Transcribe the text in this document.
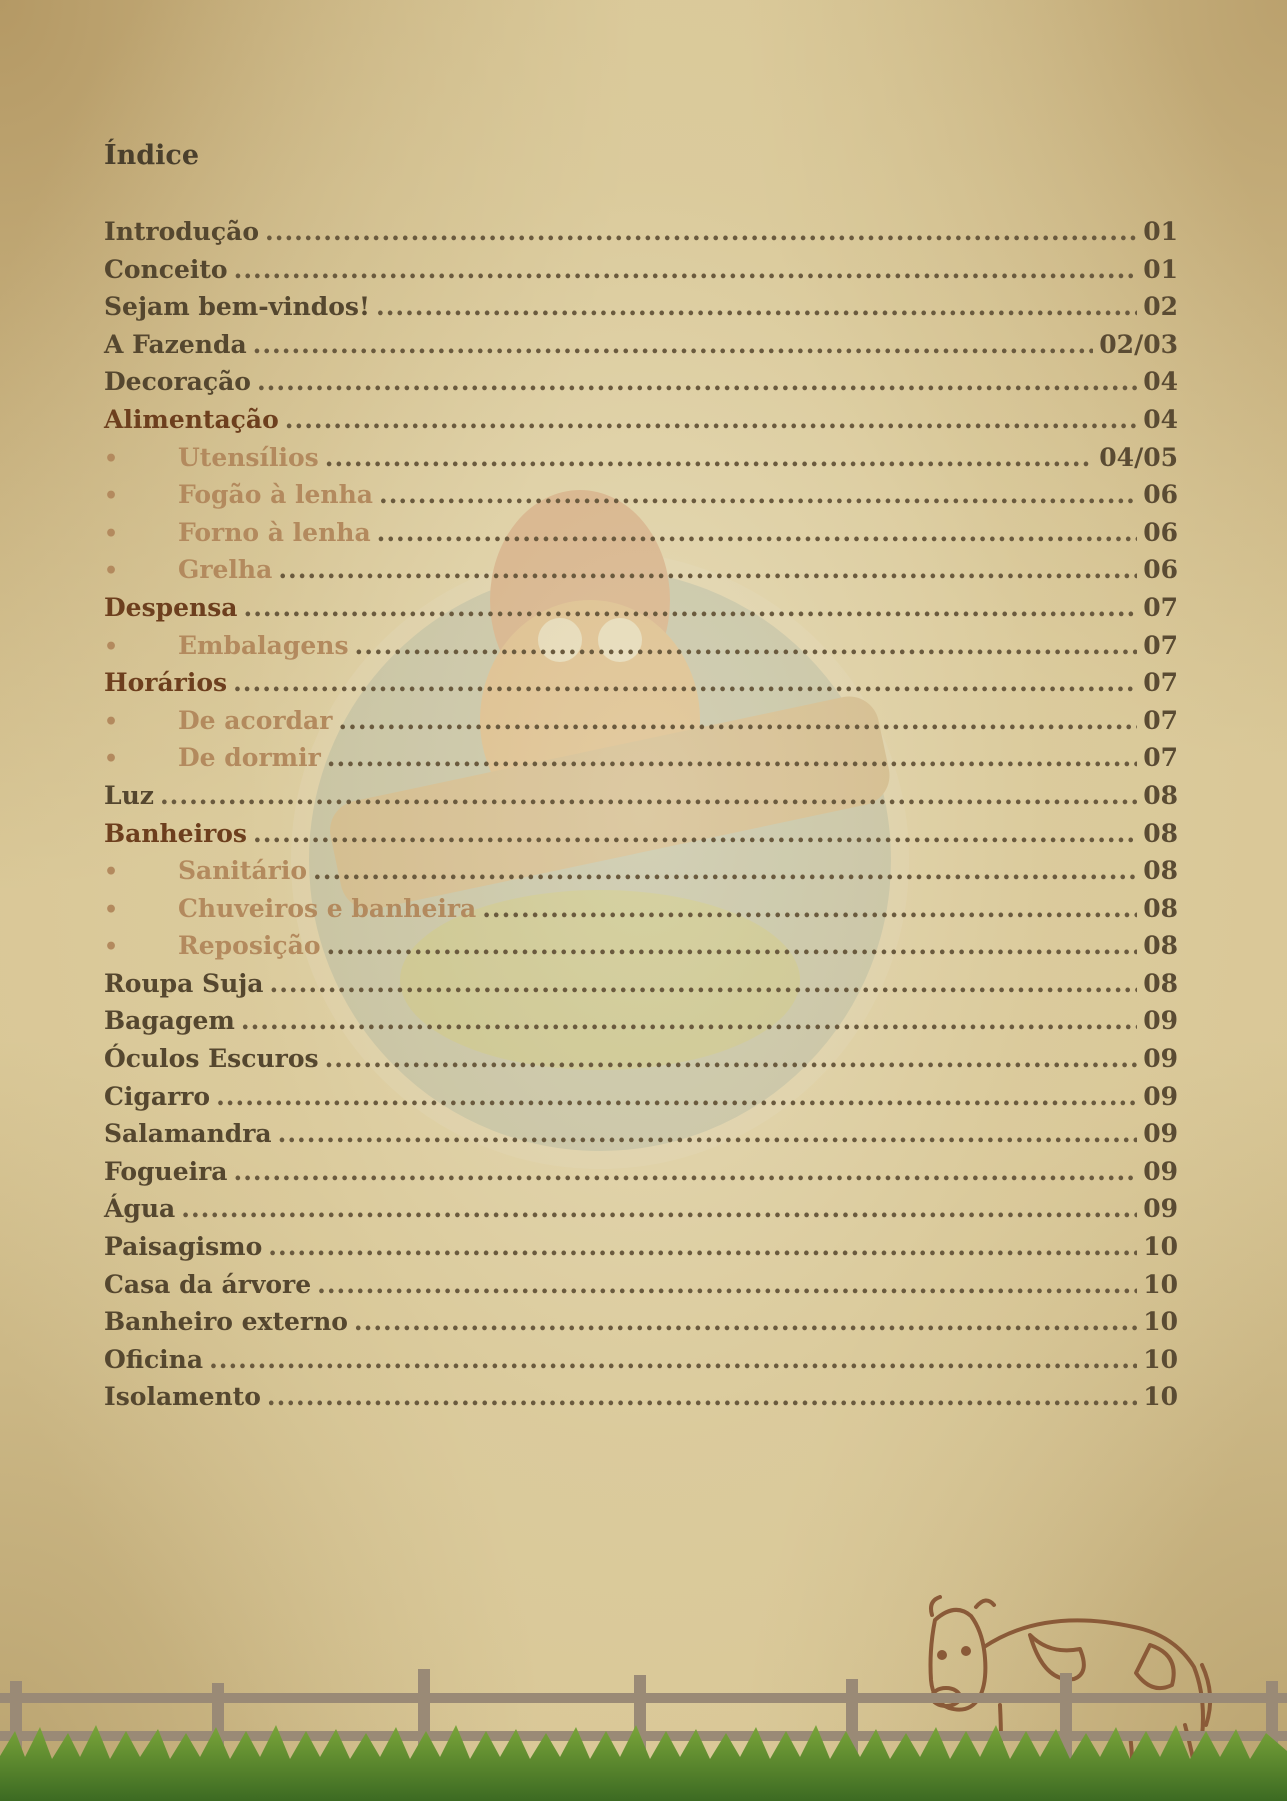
Índice
Introdução .....	01
Conceito .....	01
Sejam bem-vindos! .....	02
A Fazenda .....	02/03
Decoração .....	04
Alimentação .....	04
•	Utensílios .....	04/05
•	Fogão à lenha .....	06
•	Forno à lenha .....	06
•	Grelha .....	06
Despensa .....	07
•	Embalagens .....	07
Horários .....	07
•	De acordar .....	07
•	De dormir .....	07
Luz .....	08
Banheiros .....	08
•	Sanitário .....	08
•	Chuveiros e banheira .....	08
•	Reposição .....	08
Roupa Suja .....	08
Bagagem .....	09
Óculos Escuros .....	09
Cigarro .....	09
Salamandra .....	09
Fogueira .....	09
Água .....	09
Paisagismo .....	10
Casa da árvore .....	10
Banheiro externo .....	10
Oficina .....	10
Isolamento .....	10
